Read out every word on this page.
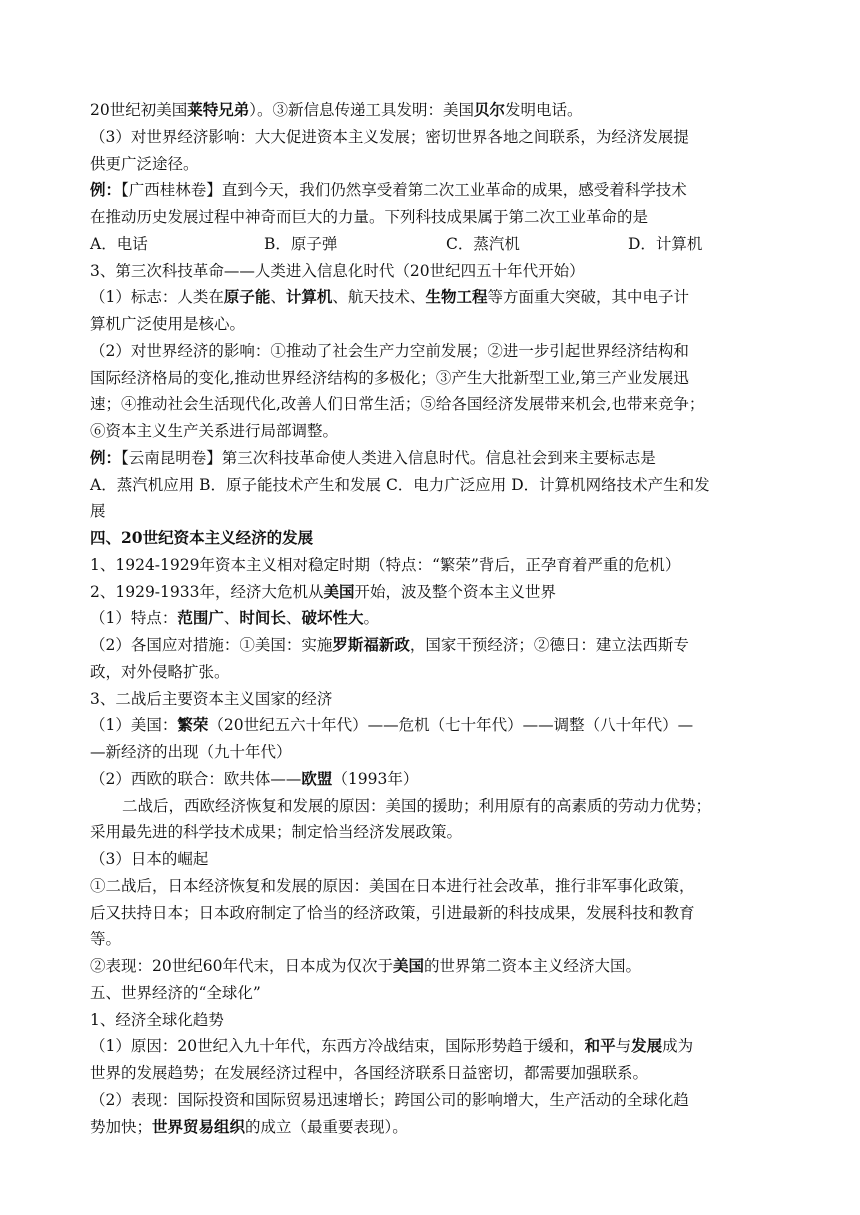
20世纪初美国莱特兄弟）。③新信息传递工具发明：美国贝尔发明电话。
（3）对世界经济影响：大大促进资本主义发展；密切世界各地之间联系，为经济发展提
供更广泛途径。
例：【广西桂林卷】直到今天，我们仍然享受着第二次工业革命的成果，感受着科学技术
在推动历史发展过程中神奇而巨大的力量。下列科技成果属于第二次工业革命的是
A．电话	B．原子弹	C．蒸汽机	D．计算机
3、第三次科技革命——人类进入信息化时代（20世纪四五十年代开始）
（1）标志：人类在原子能、计算机、航天技术、生物工程等方面重大突破，其中电子计
算机广泛使用是核心。
（2）对世界经济的影响：①推动了社会生产力空前发展；②进一步引起世界经济结构和
国际经济格局的变化,推动世界经济结构的多极化；③产生大批新型工业,第三产业发展迅
速；④推动社会生活现代化,改善人们日常生活；⑤给各国经济发展带来机会,也带来竞争；
⑥资本主义生产关系进行局部调整。
例：【云南昆明卷】第三次科技革命使人类进入信息时代。信息社会到来主要标志是
A．蒸汽机应用 B．原子能技术产生和发展 C．电力广泛应用 D．计算机网络技术产生和发
展
四、20世纪资本主义经济的发展
1、1924-1929年资本主义相对稳定时期（特点：“繁荣”背后，正孕育着严重的危机）
2、1929-1933年，经济大危机从美国开始，波及整个资本主义世界
（1）特点：范围广、时间长、破坏性大。
（2）各国应对措施：①美国：实施罗斯福新政，国家干预经济；②德日：建立法西斯专
政，对外侵略扩张。
3、二战后主要资本主义国家的经济
（1）美国：繁荣（20世纪五六十年代）——危机（七十年代）——调整（八十年代）—
—新经济的出现（九十年代）
（2）西欧的联合：欧共体——欧盟（1993年）
二战后，西欧经济恢复和发展的原因：美国的援助；利用原有的高素质的劳动力优势；
采用最先进的科学技术成果；制定恰当经济发展政策。
（3）日本的崛起
①二战后，日本经济恢复和发展的原因：美国在日本进行社会改革，推行非军事化政策，
后又扶持日本；日本政府制定了恰当的经济政策，引进最新的科技成果，发展科技和教育
等。
②表现：20世纪60年代末，日本成为仅次于美国的世界第二资本主义经济大国。
五、世界经济的“全球化”
1、经济全球化趋势
（1）原因：20世纪入九十年代，东西方冷战结束，国际形势趋于缓和，和平与发展成为
世界的发展趋势；在发展经济过程中，各国经济联系日益密切，都需要加强联系。
（2）表现：国际投资和国际贸易迅速增长；跨国公司的影响增大，生产活动的全球化趋
势加快；世界贸易组织的成立（最重要表现）。
